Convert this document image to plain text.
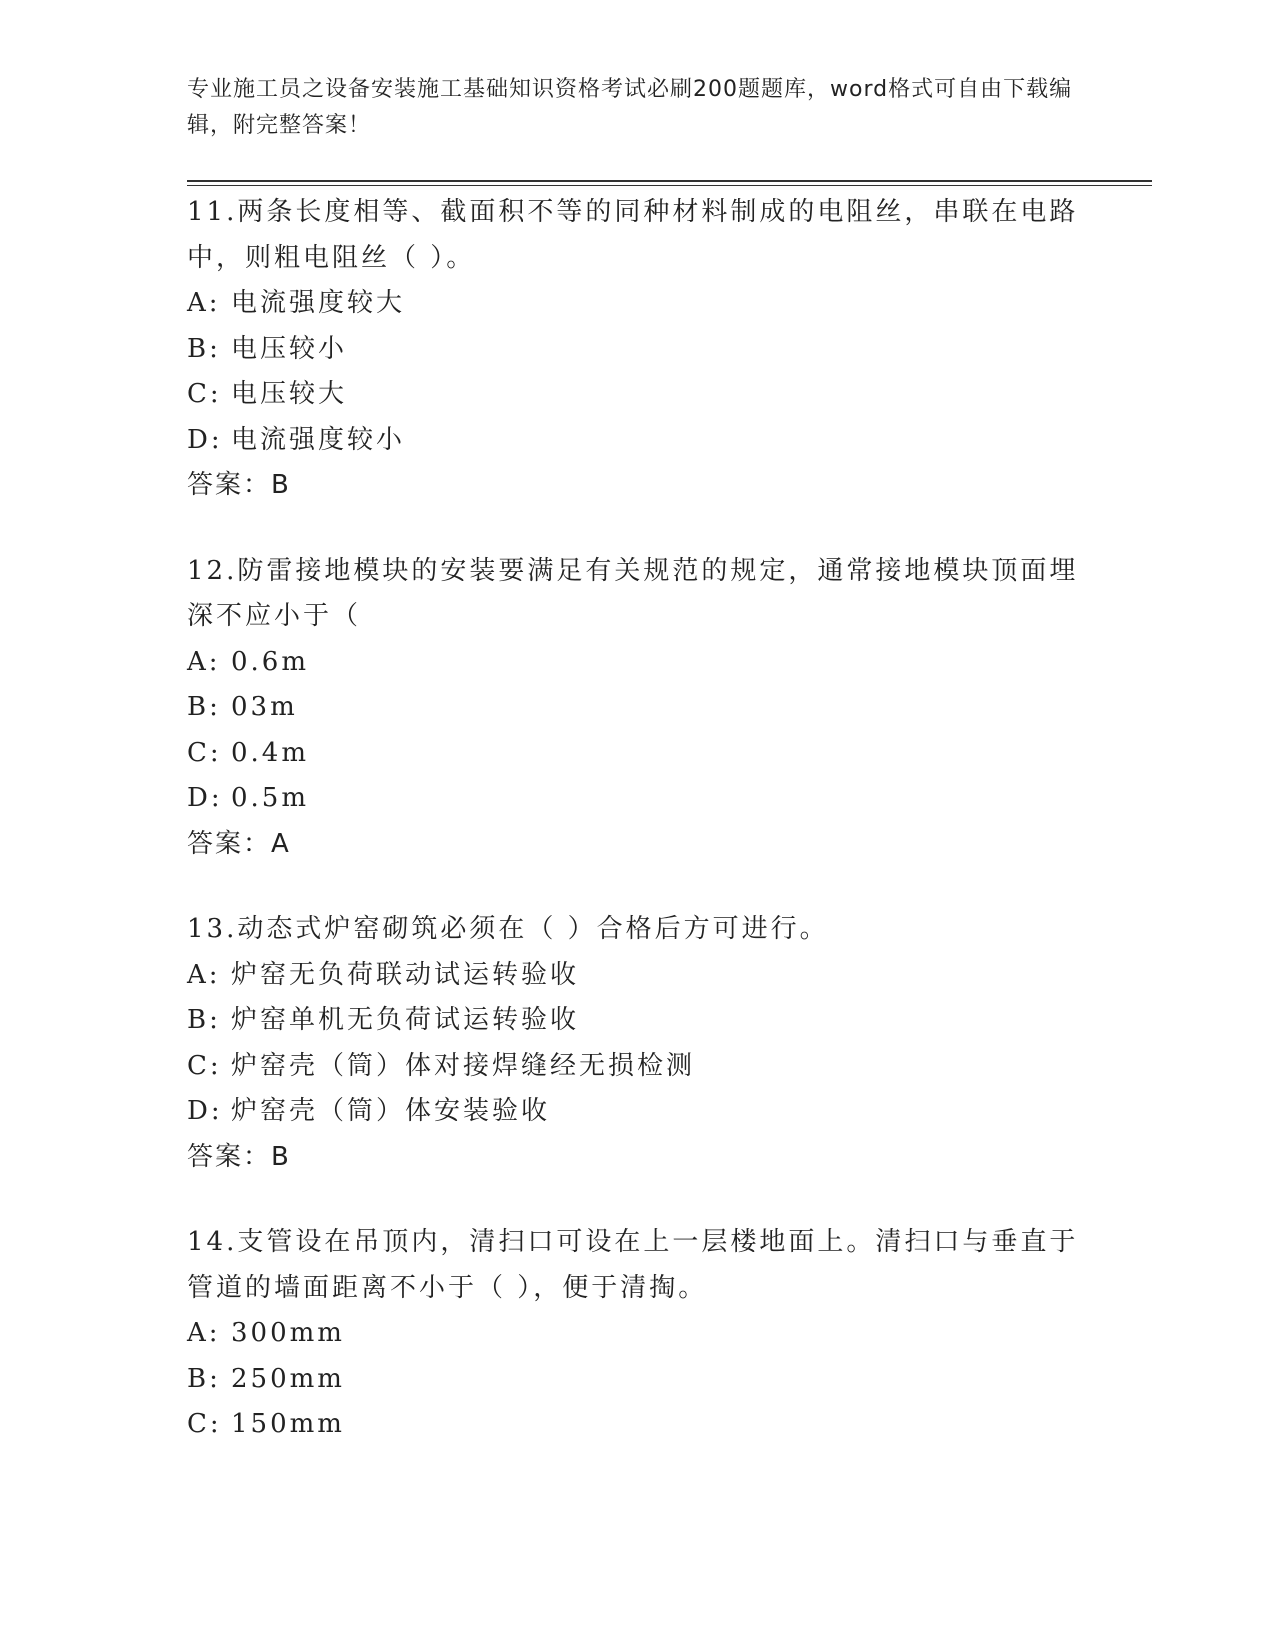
专业施工员之设备安装施工基础知识资格考试必刷200题题库，word格式可自由下载编辑，附完整答案！

11.两条长度相等、截面积不等的同种材料制成的电阻丝，串联在电路中，则粗电阻丝（ ）。

A: 电流强度较大

B: 电压较小

C: 电压较大

D: 电流强度较小

答案：B

12.防雷接地模块的安装要满足有关规范的规定，通常接地模块顶面埋深不应小于（

A: 0.6m

B: 03m

C: 0.4m

D: 0.5m

答案：A

13.动态式炉窑砌筑必须在（ ）合格后方可进行。

A: 炉窑无负荷联动试运转验收

B: 炉窑单机无负荷试运转验收

C: 炉窑壳（筒）体对接焊缝经无损检测

D: 炉窑壳（筒）体安装验收

答案：B

14.支管设在吊顶内，清扫口可设在上一层楼地面上。清扫口与垂直于管道的墙面距离不小于（ ），便于清掏。

A: 300mm

B: 250mm

C: 150mm
